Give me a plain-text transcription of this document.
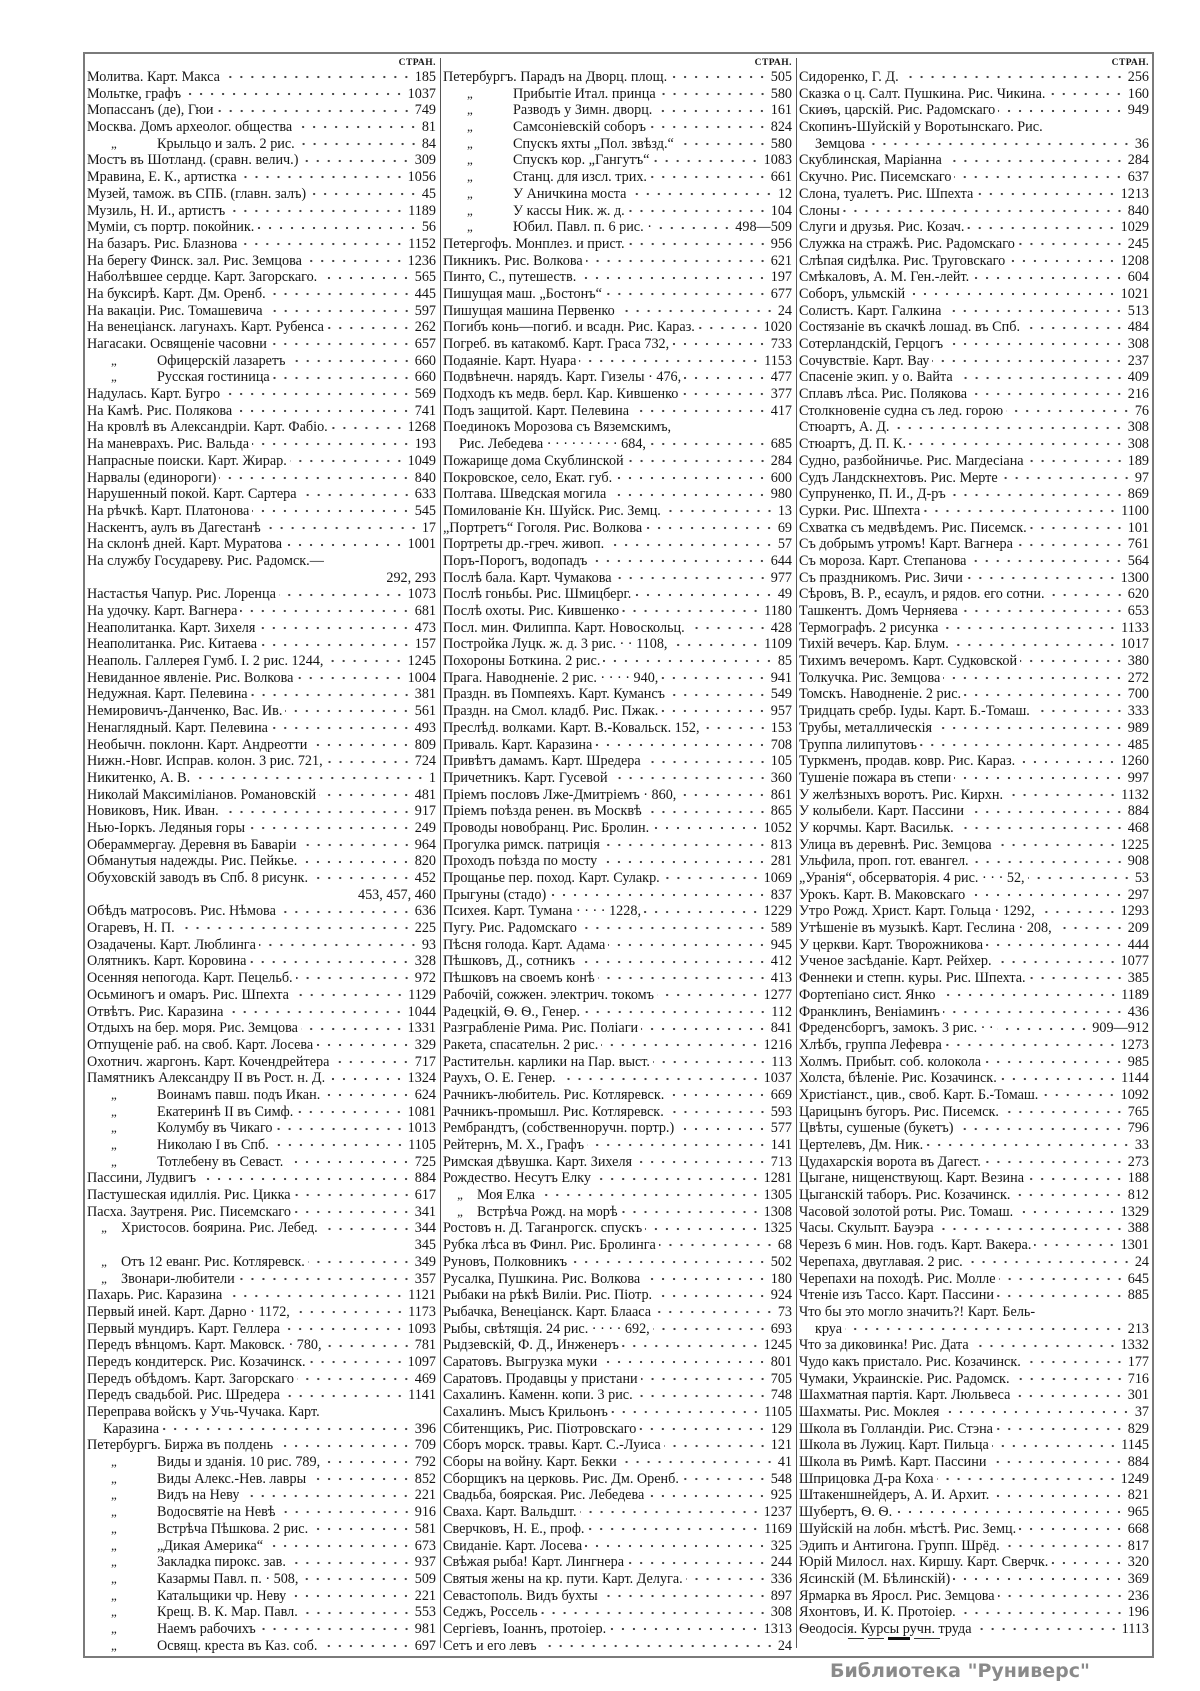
СТРАН.
Молитва. Карт. Макса	185
Мольтке, графъ	1037
Мопассанъ (де), Гюи	749
Москва. Домъ археолог. общества	81
„	Крыльцо и залъ. 2 рис.	84
Мостъ въ Шотланд. (сравн. велич.)	309
Мравина, Е. К., артистка	1056
Музей, тамож. въ СПБ. (главн. залъ)	45
Музиль, Н. И., артистъ	1189
Муміи, съ портр. покойник.	56
На базаръ. Рис. Блазнова	1152
На берегу Финск. зал. Рис. Земцова	1236
Наболѣвшее сердце. Карт. Загорскаго.	565
На буксирѣ. Карт. Дм. Оренб.	445
На вакаціи. Рис. Томашевича	597
На венеціанск. лагунахъ. Карт. Рубенса	262
Нагасаки. Освященіе часовни	657
„	Офицерскій лазаретъ	660
„	Русская гостиница	660
Надулась. Карт. Бугро	569
На Камѣ. Рис. Полякова	741
На кровлѣ въ Александріи. Карт. Фабіо.	1268
На маневрахъ. Рис. Вальда	193
Напрасные поиски. Карт. Жирар.	1049
Нарвалы (единороги)	840
Нарушенный покой. Карт. Сартера	633
На рѣчкѣ. Карт. Платонова	545
Наскентъ, аулъ въ Дагестанѣ	17
На склонѣ дней. Карт. Муратова	1001
На службу Государеву. Рис. Радомск.—
292, 293
Настастья Чапур. Рис. Лоренца	1073
На удочку. Карт. Вагнера	681
Неаполитанка. Карт. Зихеля	473
Неаполитанка. Рис. Китаева	157
Неаполь. Галлерея Гумб. I. 2 рис. 1244,	1245
Невиданное явленіе. Рис. Волкова	1004
Недужная. Карт. Пелевина	381
Немировичъ-Данченко, Вас. Ив.	561
Ненаглядный. Карт. Пелевина	493
Необычн. поклонн. Карт. Андреотти	809
Нижн.-Новг. Исправ. колон. 3 рис. 721,	724
Никитенко, А. В.	1
Николай Максиміліанов. Романовскій	481
Новиковъ, Ник. Иван.	917
Нью-Іоркъ. Ледяныя горы	249
Обераммергау. Деревня въ Баваріи	964
Обманутыя надежды. Рис. Пейкье.	820
Обуховскій заводъ въ Спб. 8 рисунк.	452
453, 457, 460
Обѣдъ матросовъ. Рис. Нѣмова	636
Огаревъ, Н. П.	225
Озадачены. Карт. Люблинга	93
Олятникъ. Карт. Коровина	328
Осенняя непогода. Карт. Пецельб.	972
Осьминогъ и омаръ. Рис. Шпехта	1129
Отвѣтъ. Рис. Каразина	1044
Отдыхъ на бер. моря. Рис. Земцова	1331
Отпущеніе раб. на своб. Карт. Лосева	329
Охотнич. жаргонъ. Карт. Кочендрейтера	717
Памятникъ Александру II въ Рост. н. Д.	1324
„	Воинамъ павш. подъ Икан.	624
„	Екатеринѣ II въ Симф.	1081
„	Колумбу въ Чикаго	1013
„	Николаю I въ Спб.	1105
„	Тотлебену въ Севаст.	725
Пассини, Лудвигъ	884
Пастушеская идиллія. Рис. Цикка	617
Пасха. Заутреня. Рис. Писемскаго	341
„ Христосов. боярина. Рис. Лебед.	344
345
„ Отъ 12 еванг. Рис. Котляревск.	349
„ Звонари-любители	357
Пахарь. Рис. Каразина	1121
Первый иней. Карт. Дарно · 1172,	1173
Первый мундиръ. Карт. Геллера	1093
Передъ вѣнцомъ. Карт. Маковск. · 780,	781
Передъ кондитерск. Рис. Козачинск.	1097
Передъ обѣдомъ. Карт. Загорскаго	469
Передъ свадьбой. Рис. Шредера	1141
Переправа войскъ у Учь-Чучака. Карт.
Каразина	396
Петербургъ. Биржа въ полдень	709
„	Виды и зданія. 10 рис. 789,	792
„	Виды Алекс.-Нев. лавры	852
„	Видъ на Неву	221
„	Водосвятіе на Невѣ	916
„	Встрѣча Пѣшкова. 2 рис.	581
„	„Дикая Америка“	673
„	Закладка пирокс. зав.	937
„	Казармы Павл. п. · 508,	509
„	Катальщики чр. Неву	221
„	Крещ. В. К. Мар. Павл.	553
„	Наемъ рабочихъ	981
„	Освящ. креста въ Каз. соб.	697
СТРАН.
Петербургъ. Парадъ на Дворц. площ.	505
„	Прибытіе Итал. принца	580
„	Разводъ у Зимн. дворц.	161
„	Самсоніевскій соборъ	824
„	Спускъ яхты „Пол. звѣзд.“	580
„	Спускъ кор. „Гангутъ“	1083
„	Станц. для изсл. трих.	661
„	У Аничкина моста	12
„	У кассы Ник. ж. д.	104
„	Юбил. Павл. п. 6 рис. ·	498—509
Петергофъ. Монплез. и прист.	956
Пикникъ. Рис. Волкова	621
Пинто, С., путешеств.	197
Пишущая маш. „Бостонъ“	677
Пишущая машина Первенко	24
Погибъ конь—погиб. и всадн. Рис. Караз.	1020
Погреб. въ катакомб. Карт. Граса 732,	733
Подаяніе. Карт. Нуара	1153
Подвѣнечн. нарядъ. Карт. Гизелы · 476,	477
Подходъ къ медв. берл. Кар. Кившенко	377
Подъ защитой. Карт. Пелевина	417
Поединокъ Морозова съ Вяземскимъ,
Рис. Лебедева · · · · · · · · · 684,	685
Пожарище дома Скублинской	284
Покровское, село, Екат. губ.	600
Полтава. Шведская могила	980
Помилованіе Кн. Шуйск. Рис. Земц.	13
„Портретъ“ Гоголя. Рис. Волкова	69
Портреты др.-греч. живоп.	57
Поръ-Порогъ, водопадъ	644
Послѣ бала. Карт. Чумакова	977
Послѣ гоньбы. Рис. Шмицберг.	49
Послѣ охоты. Рис. Кившенко	1180
Посл. мин. Филиппа. Карт. Новоскольц.	428
Постройка Луцк. ж. д. 3 рис. · · 1108,	1109
Похороны Боткина. 2 рис.	85
Прага. Наводненіе. 2 рис. · · · · 940,	941
Праздн. въ Помпеяхъ. Карт. Кумансъ	549
Праздн. на Смол. кладб. Рис. Пжак.	957
Преслѣд. волками. Карт. В.-Ковальск. 152,	153
Приваль. Карт. Каразина	708
Привѣтъ дамамъ. Карт. Шредера	105
Причетникъ. Карт. Гусевой	360
Пріемъ пословъ Лже-Дмитріемъ · 860,	861
Пріемъ поѣзда ренен. въ Москвѣ	865
Проводы новобранц. Рис. Бролин.	1052
Прогулка римск. патриція	813
Проходъ поѣзда по мосту	281
Прощанье пер. поход. Карт. Сулакр.	1069
Прыгуны (стадо)	837
Психея. Карт. Тумана · · · · 1228,	1229
Пугу. Рис. Радомскаго	589
Пѣсня голода. Карт. Адама	945
Пѣшковъ, Д., сотникъ	412
Пѣшковъ на своемъ конѣ	413
Рабочій, сожжен. электрич. токомъ	1277
Радецкій, Ѳ. Ѳ., Генер.	112
Разграбленіе Рима. Рис. Поліаги	841
Ракета, спасательн. 2 рис.	1216
Растительн. карлики на Пар. выст.	113
Раухъ, О. Е. Генер.	1037
Рачникъ-любитель. Рис. Котляревск.	669
Рачникъ-промышл. Рис. Котляревск.	593
Рембрандтъ, (собственноручн. портр.)	577
Рейтернъ, М. Х., Графъ	141
Римская дѣвушка. Карт. Зихеля	713
Рождество. Несутъ Елку	1281
„ Моя Елка	1305
„ Встрѣча Рожд. на морѣ	1308
Ростовъ н. Д. Таганрогск. спускъ	1325
Рубка лѣса въ Финл. Рис. Бролинга	68
Руновъ, Полковникъ	502
Русалка, Пушкина. Рис. Волкова	180
Рыбаки на рѣкѣ Виліи. Рис. Піотр.	924
Рыбачка, Венеціанск. Карт. Блааса	73
Рыбы, свѣтящія. 24 рис. · · · · 692,	693
Рыдзевскій, Ф. Д., Инженеръ	1245
Саратовъ. Выгрузка муки	801
Саратовъ. Продавцы у пристани	705
Сахалинъ. Каменн. копи. 3 рис.	748
Сахалинъ. Мысъ Крильонъ	1105
Сбитенщикъ, Рис. Піотровскаго	129
Сборъ морск. травы. Карт. С.-Луиса	121
Сборы на войну. Карт. Бекки	41
Сборщикъ на церковь. Рис. Дм. Оренб.	548
Свадьба, боярская. Рис. Лебедева	925
Сваха. Карт. Вальдшт.	1237
Сверчковъ, Н. Е., проф.	1169
Свиданіе. Карт. Лосева	325
Свѣжая рыба! Карт. Лингнера	244
Святыя жены на кр. пути. Карт. Делуга.	336
Севастополь. Видъ бухты	897
Седжъ, Россель	308
Сергіевъ, Іоаннъ, протоіер.	1313
Сетъ и его левъ	24
СТРАН.
Сидоренко, Г. Д.	256
Сказка о ц. Салт. Пушкина. Рис. Чикина.	160
Скиѳъ, царскій. Рис. Радомскаго	949
Скопинъ-Шуйскій у Воротынскаго. Рис.
Земцова	36
Скублинская, Маріанна	284
Скучно. Рис. Писемскаго	637
Слона, туалетъ. Рис. Шпехта	1213
Слоны	840
Слуги и друзья. Рис. Козач.	1029
Служка на стражѣ. Рис. Радомскаго	245
Слѣпая сидѣлка. Рис. Труговскаго	1208
Смѣкаловъ, А. М. Ген.-лейт.	604
Соборъ, ульмскій	1021
Солистъ. Карт. Галкина	513
Состязаніе въ скачкѣ лошад. въ Спб.	484
Сотерландскій, Герцогъ	308
Сочувствіе. Карт. Вау	237
Спасеніе экип. у о. Вайта	409
Сплавъ лѣса. Рис. Полякова	216
Столкновеніе судна съ лед. горою	76
Стюартъ, А. Д.	308
Стюартъ, Д. П. К.	308
Судно, разбойничье. Рис. Магдесіана	189
Судъ Ландскнехтовъ. Рис. Мерте	97
Супруненко, П. И., Д-ръ	869
Сурки. Рис. Шпехта	1100
Схватка съ медвѣдемъ. Рис. Писемск.	101
Съ добрымъ утромъ! Карт. Вагнера	761
Съ мороза. Карт. Степанова	564
Съ праздникомъ. Рис. Зичи	1300
Сѣровъ, В. Р., есаулъ, и рядов. его сотни.	620
Ташкентъ. Домъ Черняева	653
Термографъ. 2 рисунка	1133
Тихій вечеръ. Кар. Блум.	1017
Тихимъ вечеромъ. Карт. Судковской	380
Толкучка. Рис. Земцова	272
Томскъ. Наводненіе. 2 рис.	700
Тридцать сребр. Іуды. Карт. Б.-Томаш.	333
Трубы, металлическія	989
Труппа лилипутовъ	485
Туркменъ, продав. ковр. Рис. Караз.	1260
Тушеніе пожара въ степи	997
У желѣзныхъ воротъ. Рис. Кирхн.	1132
У колыбели. Карт. Пассини	884
У корчмы. Карт. Васильк.	468
Улица въ деревнѣ. Рис. Земцова	1225
Ульфила, проп. гот. евангел.	908
„Уранія“, обсерваторія. 4 рис. · · · 52,	53
Урокъ. Карт. В. Маковскаго	297
Утро Рожд. Христ. Карт. Гольца · 1292,	1293
Утѣшеніе въ музыкѣ. Карт. Геслина · 208,	209
У церкви. Карт. Творожникова	444
Ученое засѣданіе. Карт. Рейхер.	1077
Феннеки и степн. куры. Рис. Шпехта.	385
Фортепіано сист. Янко	1189
Франклинъ, Веніаминъ	436
Фреденсборгъ, замокъ. 3 рис. · ·	909—912
Хлѣбъ, группа Лефевра	1273
Холмъ. Прибыт. соб. колокола	985
Холста, бѣленіе. Рис. Козачинск.	1144
Христіанст., цив., своб. Карт. Б.-Томаш.	1092
Царицынъ бугоръ. Рис. Писемск.	765
Цвѣты, сушеные (букетъ)	796
Цертелевъ, Дм. Ник.	33
Цудахарскія ворота въ Дагест.	273
Цыгане, нищенствующ. Карт. Везина	188
Цыганскій таборъ. Рис. Козачинск.	812
Часовой золотой роты. Рис. Томаш.	1329
Часы. Скульпт. Бауэра	388
Черезъ 6 мин. Нов. годъ. Карт. Вакера.	1301
Черепаха, двуглавая. 2 рис.	24
Черепахи на походѣ. Рис. Молле	645
Чтеніе изъ Тассо. Карт. Пассини	885
Что бы это могло значить?! Карт. Бель-
круа	213
Что за диковинка! Рис. Дата	1332
Чудо какъ пристало. Рис. Козачинск.	177
Чумаки, Украинскіе. Рис. Радомск.	716
Шахматная партія. Карт. Люльвеса	301
Шахматы. Рис. Моклея	37
Школа въ Голландіи. Рис. Стэна	829
Школа въ Лужиц. Карт. Пильца	1145
Школа въ Римѣ. Карт. Пассини	884
Шприцовка Д-ра Коха	1249
Штакеншнейдеръ, А. И. Архит.	821
Шубертъ, Ѳ. Ѳ.	965
Шуйскій на лобн. мѣстѣ. Рис. Земц.	668
Эдипъ и Антигона. Групп. Шрёд.	817
Юрій Милосл. нах. Киршу. Карт. Сверчк.	320
Ясинскій (М. Бѣлинскій)	369
Ярмарка въ Яросл. Рис. Земцова	236
Яхонтовъ, И. К. Протоіер.	196
Ѳеодосія. Курсы ручн. труда	1113
Библиотека "Руниверс"
